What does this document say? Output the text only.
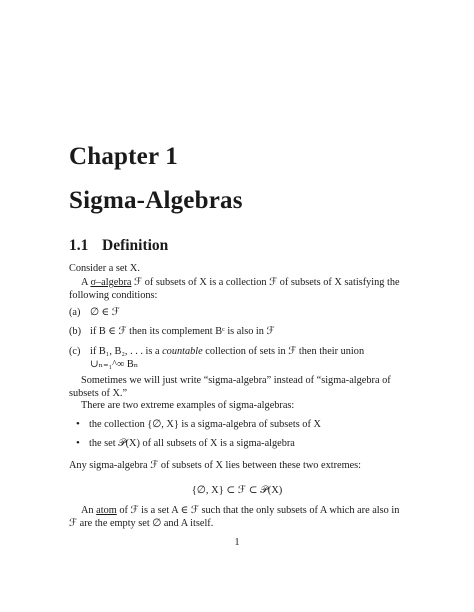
Chapter 1
Sigma-Algebras
1.1 Definition
Consider a set X.
A σ–algebra ℱ of subsets of X is a collection ℱ of subsets of X satisfying the following conditions:
(a) ∅ ∈ ℱ
(b) if B ∈ ℱ then its complement Bᶜ is also in ℱ
(c) if B₁, B₂, . . . is a countable collection of sets in ℱ then their union
∪ₙ₌₁^∞ Bₙ
Sometimes we will just write “sigma-algebra” instead of “sigma-algebra of subsets of X.”
There are two extreme examples of sigma-algebras:
• the collection {∅, X} is a sigma-algebra of subsets of X
• the set 𝒫(X) of all subsets of X is a sigma-algebra
Any sigma-algebra ℱ of subsets of X lies between these two extremes:
{∅, X} ⊂ ℱ ⊂ 𝒫(X)
An atom of ℱ is a set A ∈ ℱ such that the only subsets of A which are also in ℱ are the empty set ∅ and A itself.
1
